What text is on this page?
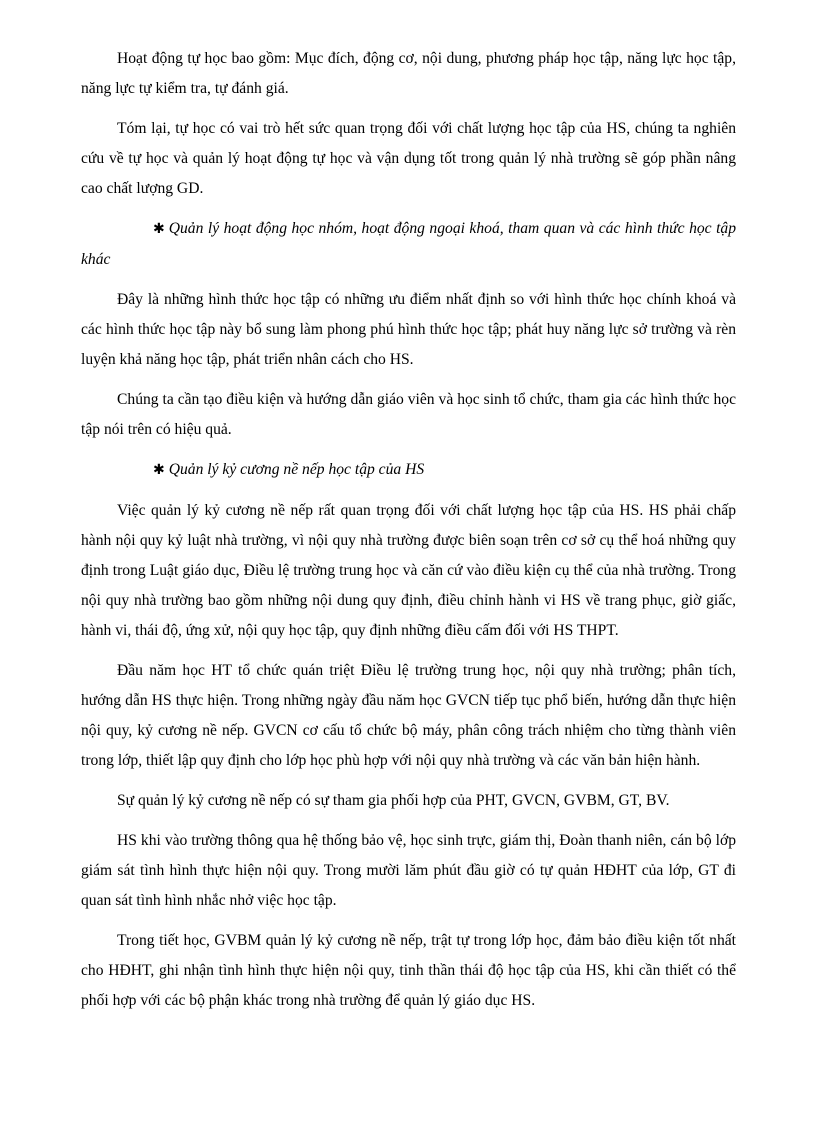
Hoạt động tự học bao gồm: Mục đích, động cơ, nội dung, phương pháp học tập, năng lực học tập, năng lực tự kiểm tra, tự đánh giá.

Tóm lại, tự học có vai trò hết sức quan trọng đối với chất lượng học tập của HS, chúng ta nghiên cứu về tự học và quản lý hoạt động tự học và vận dụng tốt trong quản lý nhà trường sẽ góp phần nâng cao chất lượng GD.

✱ Quản lý hoạt động học nhóm, hoạt động ngoại khoá, tham quan và các hình thức học tập khác

Đây là những hình thức học tập có những ưu điểm nhất định so với hình thức học chính khoá và các hình thức học tập này bổ sung làm phong phú hình thức học tập; phát huy năng lực sở trường và rèn luyện khả năng học tập, phát triển nhân cách cho HS.

Chúng ta cần tạo điều kiện và hướng dẫn giáo viên và học sinh tổ chức, tham gia các hình thức học tập nói trên có hiệu quả.

✱ Quản lý kỷ cương nề nếp học tập của HS

Việc quản lý kỷ cương nề nếp rất quan trọng đối với chất lượng học tập của HS. HS phải chấp hành nội quy kỷ luật nhà trường, vì nội quy nhà trường được biên soạn trên cơ sở cụ thể hoá những quy định trong Luật giáo dục, Điều lệ trường trung học và căn cứ vào điều kiện cụ thể của nhà trường. Trong nội quy nhà trường bao gồm những nội dung quy định, điều chỉnh hành vi HS về trang phục, giờ giấc, hành vi, thái độ, ứng xử, nội quy học tập, quy định những điều cấm đối với HS THPT.

Đầu năm học HT tổ chức quán triệt Điều lệ trường trung học, nội quy nhà trường; phân tích, hướng dẫn HS thực hiện. Trong những ngày đầu năm học GVCN tiếp tục phổ biến, hướng dẫn thực hiện nội quy, kỷ cương nề nếp. GVCN cơ cấu tổ chức bộ máy, phân công trách nhiệm cho từng thành viên trong lớp, thiết lập quy định cho lớp học phù hợp với nội quy nhà trường và các văn bản hiện hành.

Sự quản lý kỷ cương nề nếp có sự tham gia phối hợp của PHT, GVCN, GVBM, GT, BV.

HS khi vào trường thông qua hệ thống bảo vệ, học sinh trực, giám thị, Đoàn thanh niên, cán bộ lớp giám sát tình hình thực hiện nội quy. Trong mười lăm phút đầu giờ có tự quản HĐHT của lớp, GT đi quan sát tình hình nhắc nhở việc học tập.

Trong tiết học, GVBM quản lý kỷ cương nề nếp, trật tự trong lớp học, đảm bảo điều kiện tốt nhất cho HĐHT, ghi nhận tình hình thực hiện nội quy, tinh thần thái độ học tập của HS, khi cần thiết có thể phối hợp với các bộ phận khác trong nhà trường để quản lý giáo dục HS.
